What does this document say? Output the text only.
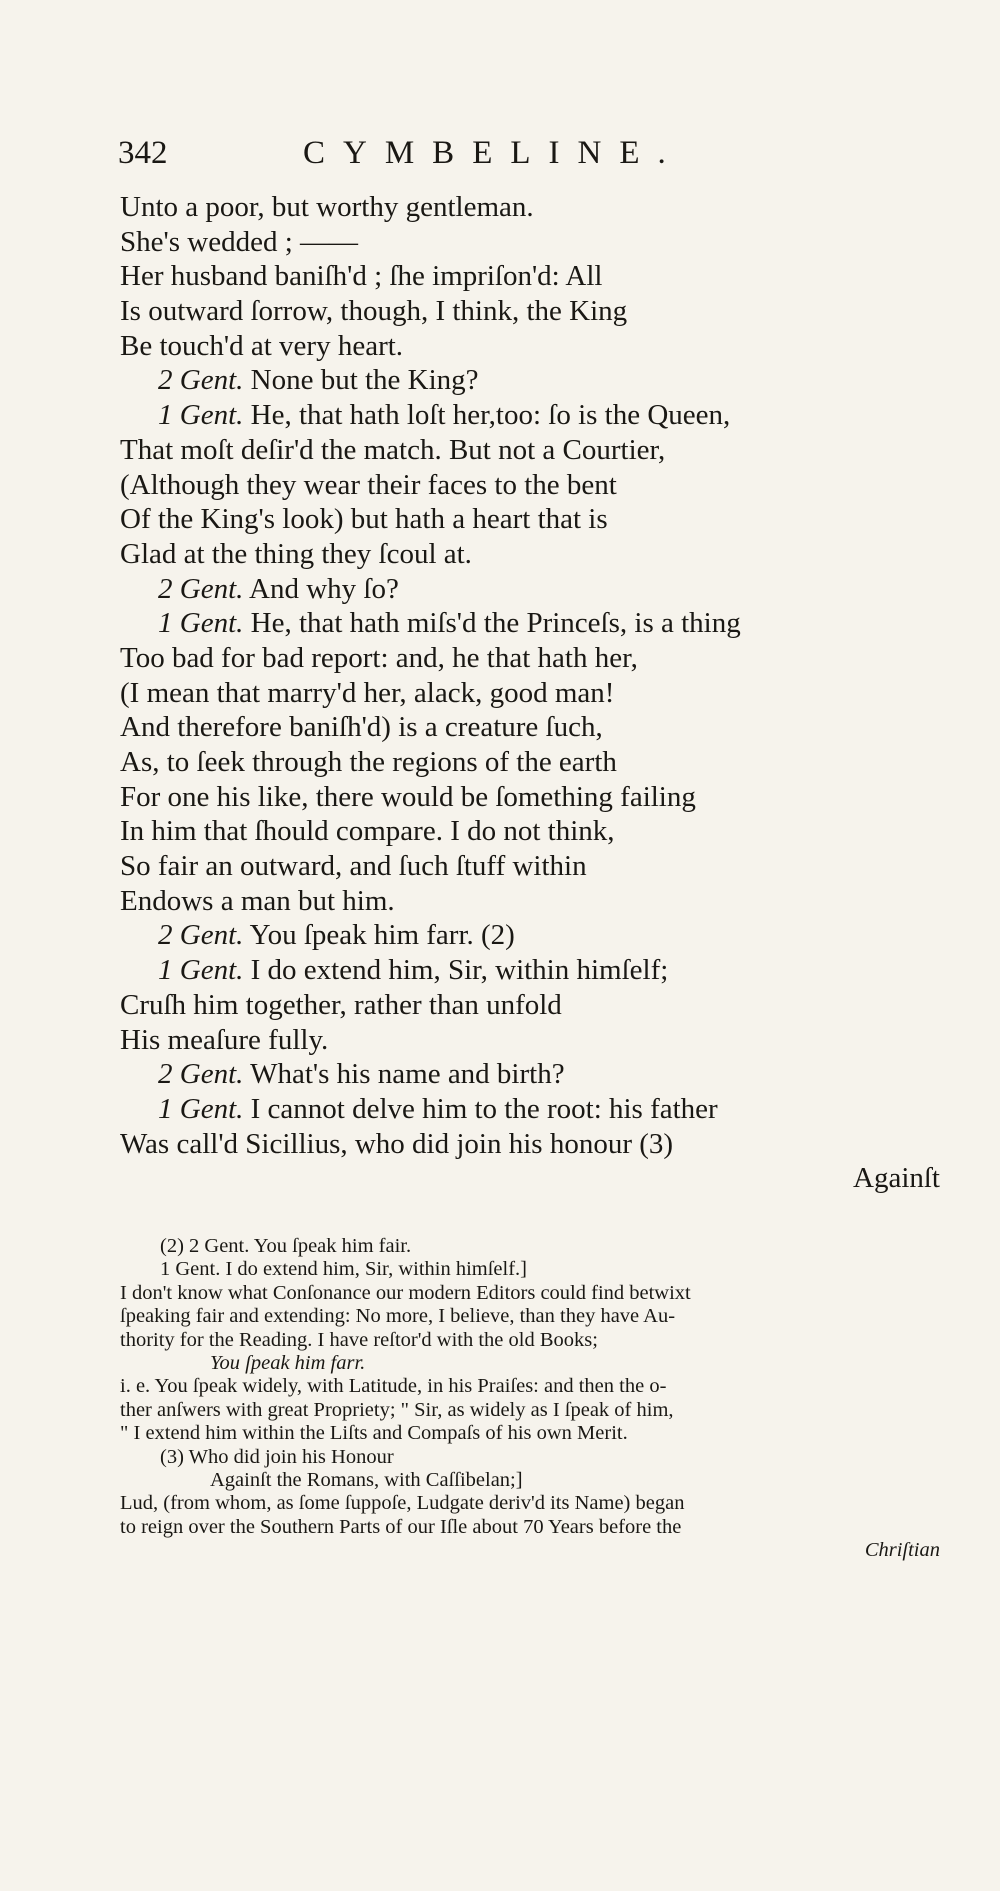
342	CYMBELINE.
Unto a poor, but worthy gentleman.
She's wedded ; ——
Her husband baniſh'd ; ſhe impriſon'd: All
Is outward ſorrow, though, I think, the King
Be touch'd at very heart.
2 Gent. None but the King?
1 Gent. He, that hath loſt her,too: ſo is the Queen,
That moſt deſir'd the match. But not a Courtier,
(Although they wear their faces to the bent
Of the King's look) but hath a heart that is
Glad at the thing they ſcoul at.
2 Gent. And why ſo?
1 Gent. He, that hath miſs'd the Princeſs, is a thing
Too bad for bad report: and, he that hath her,
(I mean that marry'd her, alack, good man!
And therefore baniſh'd) is a creature ſuch,
As, to ſeek through the regions of the earth
For one his like, there would be ſomething failing
In him that ſhould compare. I do not think,
So fair an outward, and ſuch ſtuff within
Endows a man but him.
2 Gent. You ſpeak him farr. (2)
1 Gent. I do extend him, Sir, within himſelf;
Cruſh him together, rather than unfold
His meaſure fully.
2 Gent. What's his name and birth?
1 Gent. I cannot delve him to the root: his father
Was call'd Sicillius, who did join his honour (3)
Againſt
(2) 2 Gent. You ſpeak him fair.
1 Gent. I do extend him, Sir, within himſelf.]
I don't know what Conſonance our modern Editors could find betwixt
ſpeaking fair and extending: No more, I believe, than they have Au-
thority for the Reading. I have reſtor'd with the old Books;
You ſpeak him farr.
i. e. You ſpeak widely, with Latitude, in his Praiſes: and then the o-
ther anſwers with great Propriety; " Sir, as widely as I ſpeak of him,
" I extend him within the Liſts and Compaſs of his own Merit.
(3) Who did join his Honour
Againſt the Romans, with Caſſibelan;]
Lud, (from whom, as ſome ſuppoſe, Ludgate deriv'd its Name) began
to reign over the Southern Parts of our Iſle about 70 Years before the
Chriſtian
